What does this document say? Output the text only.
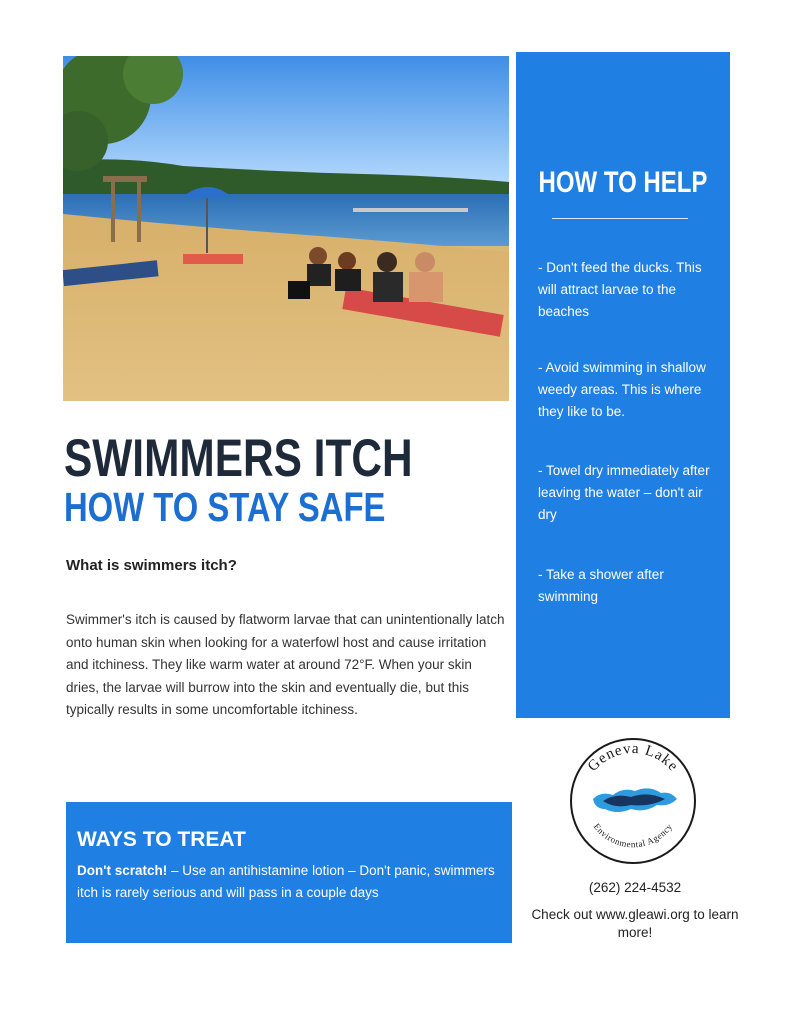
HOW TO HELP
- Don't feed the ducks. This will attract larvae to the beaches
- Avoid swimming in shallow weedy areas. This is where they like to be.
- Towel dry immediately after leaving the water – don't air dry
- Take a shower after swimming
SWIMMERS ITCH
HOW TO STAY SAFE
What is swimmers itch?

Swimmer's itch is caused by flatworm larvae that can unintentionally latch onto human skin when looking for a waterfowl host and cause irritation and itchiness. They like warm water at around 72°F. When your skin dries, the larvae will burrow into the skin and eventually die, but this typically results in some uncomfortable itchiness.

WAYS TO TREAT
Don't scratch! – Use an antihistamine lotion – Don't panic, swimmers itch is rarely serious and will pass in a couple days
Geneva Lake
Environmental Agency
(262) 224-4532
Check out www.gleawi.org to learn more!
